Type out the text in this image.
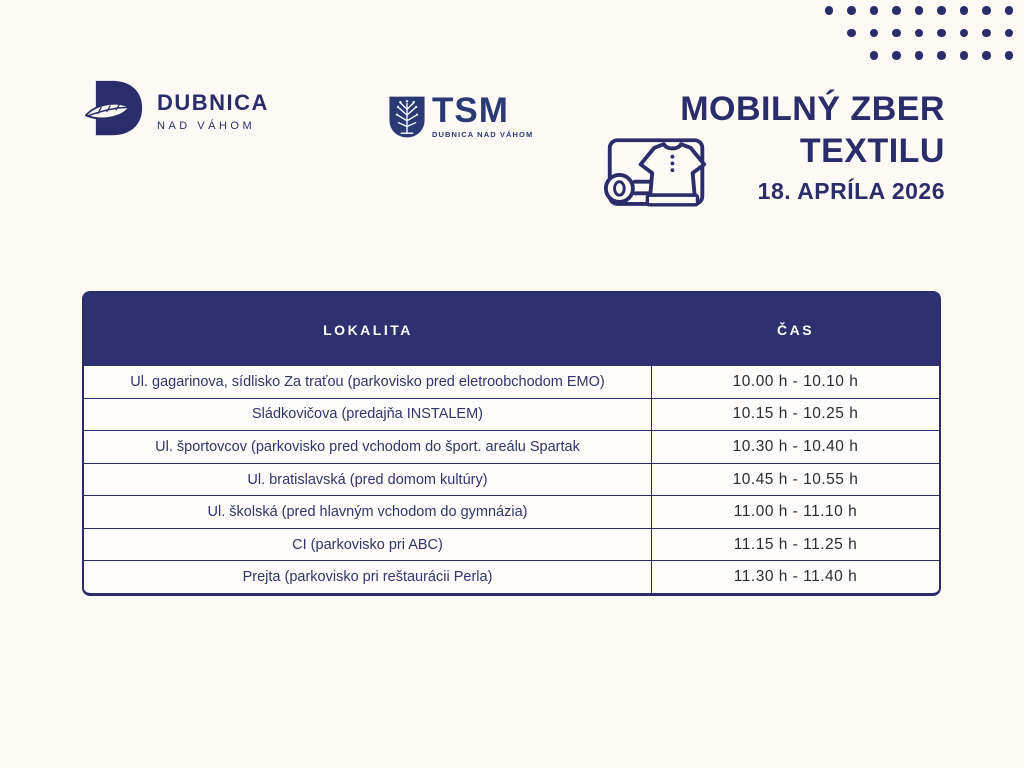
DUBNICA
NAD VÁHOM	TSM
DUBNICA NAD VÁHOM
MOBILNÝ ZBER
TEXTILU
18. APRÍLA 2026
LOKALITA	ČAS
Ul. gagarinova, sídlisko Za traťou (parkovisko pred eletroobchodom EMO)	10.00 h - 10.10 h
Sládkovičova (predajňa INSTALEM)	10.15 h - 10.25 h
Ul. športovcov (parkovisko pred vchodom do šport. areálu Spartak	10.30 h - 10.40 h
Ul. bratislavská (pred domom kultúry)	10.45 h - 10.55 h
Ul. školská (pred hlavným vchodom do gymnázia)	11.00 h - 11.10 h
CI (parkovisko pri ABC)	11.15 h - 11.25 h
Prejta (parkovisko pri reštaurácii Perla)	11.30 h - 11.40 h
